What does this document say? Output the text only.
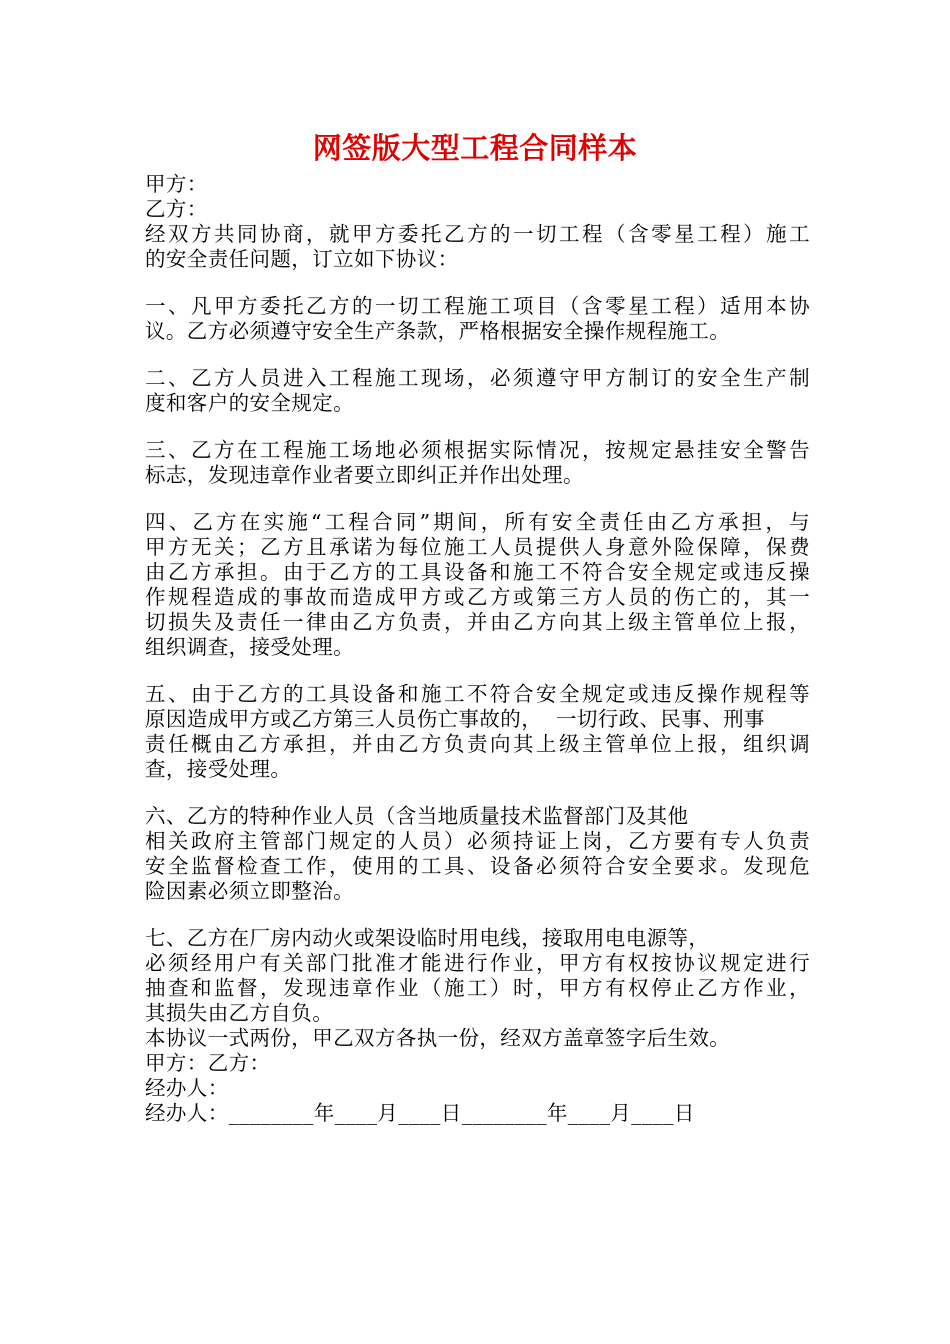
网签版大型工程合同样本
甲方：
乙方：
经双方共同协商，就甲方委托乙方的一切工程（含零星工程）施工
的安全责任问题，订立如下协议：
一、凡甲方委托乙方的一切工程施工项目（含零星工程）适用本协
议。乙方必须遵守安全生产条款，严格根据安全操作规程施工。
二、乙方人员进入工程施工现场，必须遵守甲方制订的安全生产制
度和客户的安全规定。
三、乙方在工程施工场地必须根据实际情况，按规定悬挂安全警告
标志，发现违章作业者要立即纠正并作出处理。
四、乙方在实施“工程合同”期间，所有安全责任由乙方承担，与
甲方无关；乙方且承诺为每位施工人员提供人身意外险保障，保费
由乙方承担。由于乙方的工具设备和施工不符合安全规定或违反操
作规程造成的事故而造成甲方或乙方或第三方人员的伤亡的，其一
切损失及责任一律由乙方负责，并由乙方向其上级主管单位上报，
组织调查，接受处理。
五、由于乙方的工具设备和施工不符合安全规定或违反操作规程等
原因造成甲方或乙方第三人员伤亡事故的，  一切行政、民事、刑事
责任概由乙方承担，并由乙方负责向其上级主管单位上报，组织调
查，接受处理。
六、乙方的特种作业人员（含当地质量技术监督部门及其他
相关政府主管部门规定的人员）必须持证上岗，乙方要有专人负责
安全监督检查工作，使用的工具、设备必须符合安全要求。发现危
险因素必须立即整治。
七、乙方在厂房内动火或架设临时用电线，接取用电电源等，
必须经用户有关部门批准才能进行作业，甲方有权按协议规定进行
抽查和监督，发现违章作业（施工）时，甲方有权停止乙方作业，
其损失由乙方自负。
本协议一式两份，甲乙双方各执一份，经双方盖章签字后生效。
甲方：乙方：
经办人：
经办人：________年____月____日________年____月____日
